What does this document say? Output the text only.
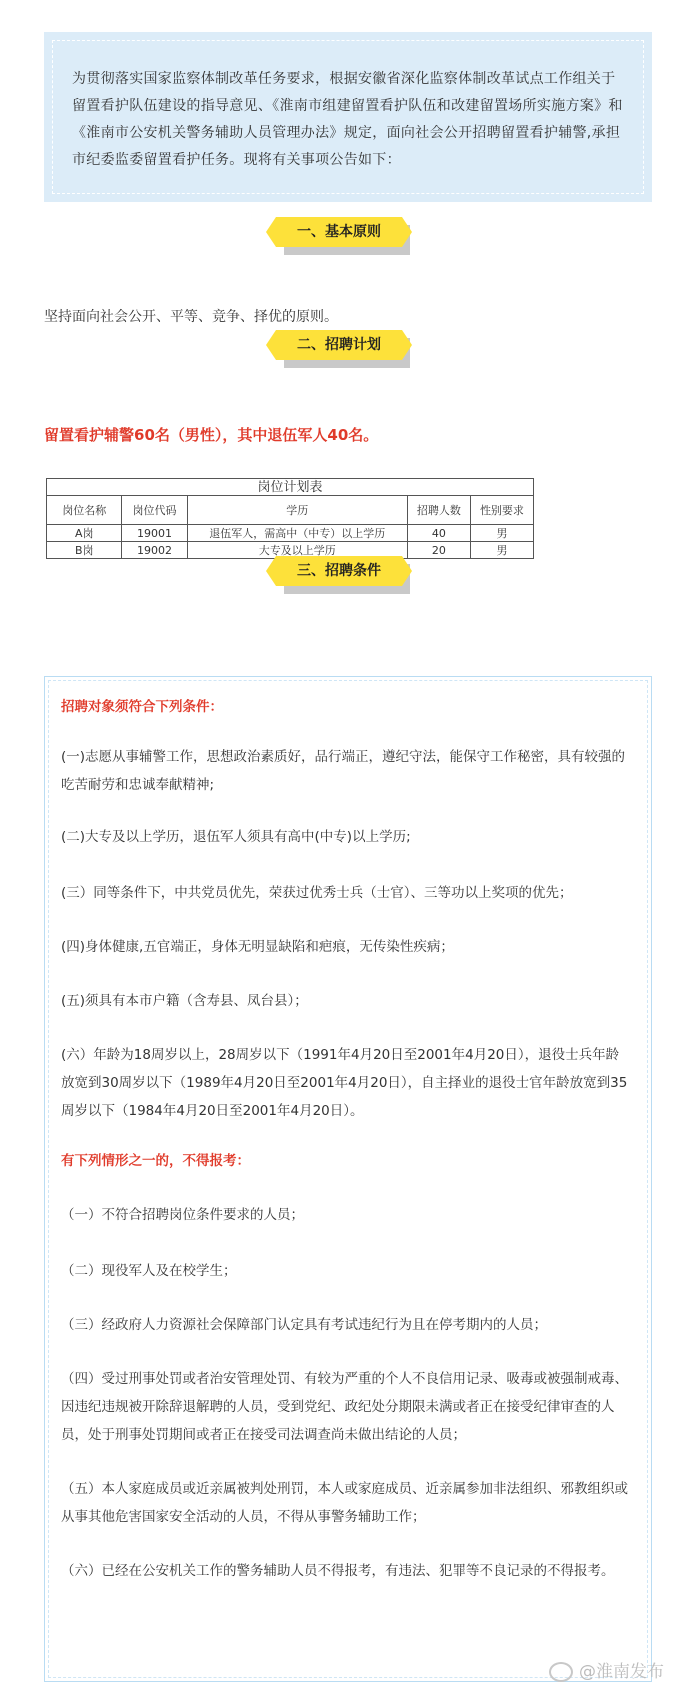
为贯彻落实国家监察体制改革任务要求，根据安徽省深化监察体制改革试点工作组关于留置看护队伍建设的指导意见、《淮南市组建留置看护队伍和改建留置场所实施方案》和《淮南市公安机关警务辅助人员管理办法》规定，面向社会公开招聘留置看护辅警,承担市纪委监委留置看护任务。现将有关事项公告如下：

一、基本原则

坚持面向社会公开、平等、竞争、择优的原则。

二、招聘计划

留置看护辅警60名（男性），其中退伍军人40名。

岗位计划表				
岗位名称	岗位代码	学历	招聘人数	性别要求
A岗	19001	退伍军人，需高中（中专）以上学历	40	男
B岗	19002	大专及以上学历	20	男
三、招聘条件

招聘对象须符合下列条件：

(一)志愿从事辅警工作，思想政治素质好，品行端正，遵纪守法，能保守工作秘密，具有较强的吃苦耐劳和忠诚奉献精神;

(二)大专及以上学历，退伍军人须具有高中(中专)以上学历;

(三）同等条件下，中共党员优先，荣获过优秀士兵（士官）、三等功以上奖项的优先；

(四)身体健康,五官端正，身体无明显缺陷和疤痕，无传染性疾病；

(五)须具有本市户籍（含寿县、凤台县）；

(六）年龄为18周岁以上，28周岁以下（1991年4月20日至2001年4月20日），退役士兵年龄放宽到30周岁以下（1989年4月20日至2001年4月20日），自主择业的退役士官年龄放宽到35周岁以下（1984年4月20日至2001年4月20日）。

有下列情形之一的，不得报考：

（一）不符合招聘岗位条件要求的人员；

（二）现役军人及在校学生；

（三）经政府人力资源社会保障部门认定具有考试违纪行为且在停考期内的人员；

（四）受过刑事处罚或者治安管理处罚、有较为严重的个人不良信用记录、吸毒或被强制戒毒、因违纪违规被开除辞退解聘的人员，受到党纪、政纪处分期限未满或者正在接受纪律审查的人员，处于刑事处罚期间或者正在接受司法调查尚未做出结论的人员；

（五）本人家庭成员或近亲属被判处刑罚，本人或家庭成员、近亲属参加非法组织、邪教组织或从事其他危害国家安全活动的人员，不得从事警务辅助工作；

（六）已经在公安机关工作的警务辅助人员不得报考，有违法、犯罪等不良记录的不得报考。

@淮南发布
